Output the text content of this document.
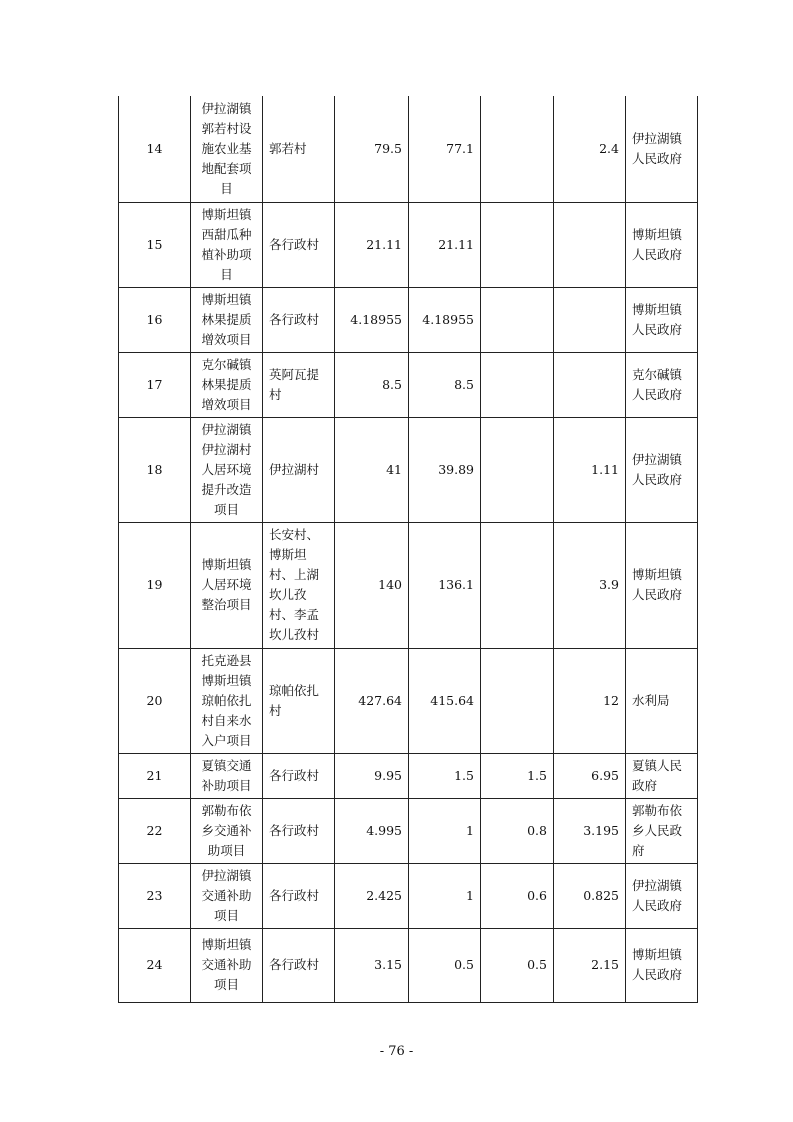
14	伊拉湖镇郭若村设施农业基地配套项目	郭若村	79.5	77.1		2.4	伊拉湖镇人民政府

15	博斯坦镇西甜瓜种植补助项目	各行政村	21.11	21.11			博斯坦镇人民政府

16	博斯坦镇林果提质增效项目	各行政村	4.18955	4.18955			博斯坦镇人民政府

17	克尔碱镇林果提质增效项目	英阿瓦提村	8.5	8.5			克尔碱镇人民政府

18	伊拉湖镇伊拉湖村人居环境提升改造项目	伊拉湖村	41	39.89		1.11	伊拉湖镇人民政府

19	博斯坦镇人居环境整治项目	长安村、博斯坦村、上湖坎儿孜村、李孟坎儿孜村	140	136.1		3.9	博斯坦镇人民政府

20	托克逊县博斯坦镇琼帕依扎村自来水入户项目	琼帕依扎村	427.64	415.64		12	水利局

21	夏镇交通补助项目	各行政村	9.95	1.5	1.5	6.95	夏镇人民政府

22	郭勒布依乡交通补助项目	各行政村	4.995	1	0.8	3.195	郭勒布依乡人民政府

23	伊拉湖镇交通补助项目	各行政村	2.425	1	0.6	0.825	伊拉湖镇人民政府

24	博斯坦镇交通补助项目	各行政村	3.15	0.5	0.5	2.15	博斯坦镇人民政府
- 76 -
